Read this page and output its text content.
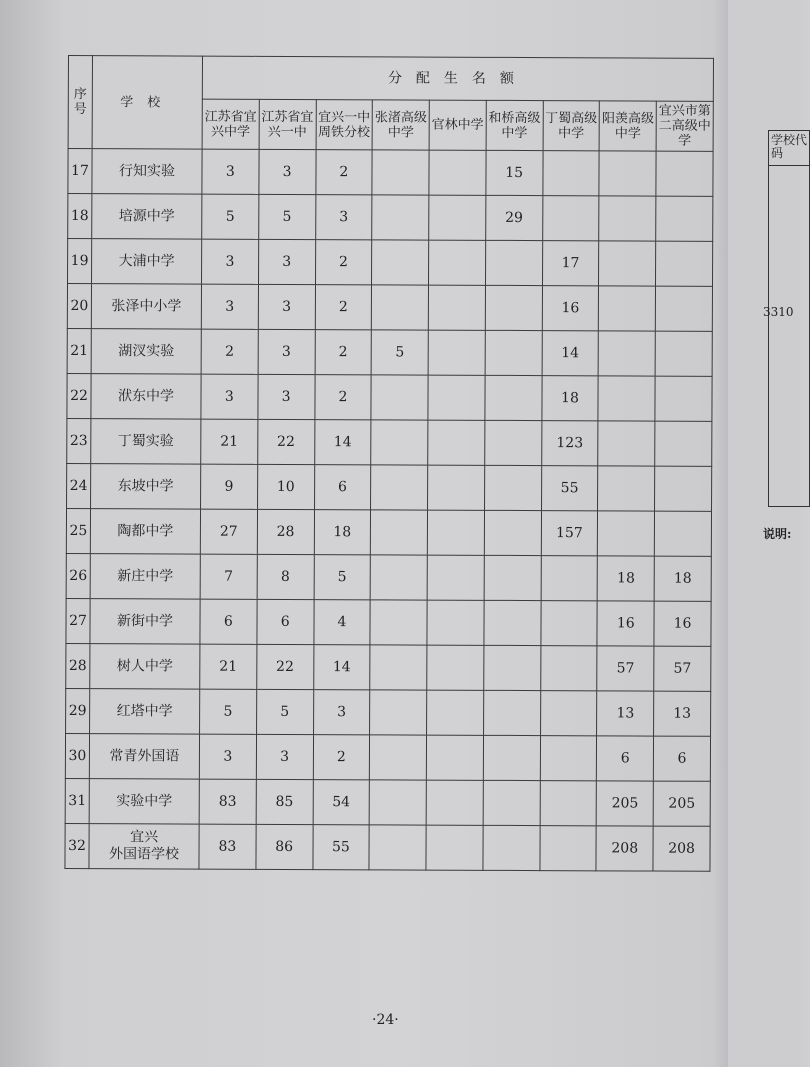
序号	学校	分配生名额								
		江苏省宜兴中学	江苏省宜兴一中	宜兴一中周铁分校	张渚高级中学	官林中学	和桥高级中学	丁蜀高级中学	阳羡高级中学	宜兴市第二高级中学
17	行知实验	3	3	2			15			
18	培源中学	5	5	3			29			
19	大浦中学	3	3	2				17		
20	张泽中小学	3	3	2				16		
21	湖汊实验	2	3	2	5			14		
22	洑东中学	3	3	2				18		
23	丁蜀实验	21	22	14				123		
24	东坡中学	9	10	6				55		
25	陶都中学	27	28	18				157		
26	新庄中学	7	8	5					18	18
27	新街中学	6	6	4					16	16
28	树人中学	21	22	14					57	57
29	红塔中学	5	5	3					13	13
30	常青外国语	3	3	2					6	6
31	实验中学	83	85	54					205	205
32	宜兴
外国语学校	83	86	55					208	208
·24·
学校代码
3310
说明:
